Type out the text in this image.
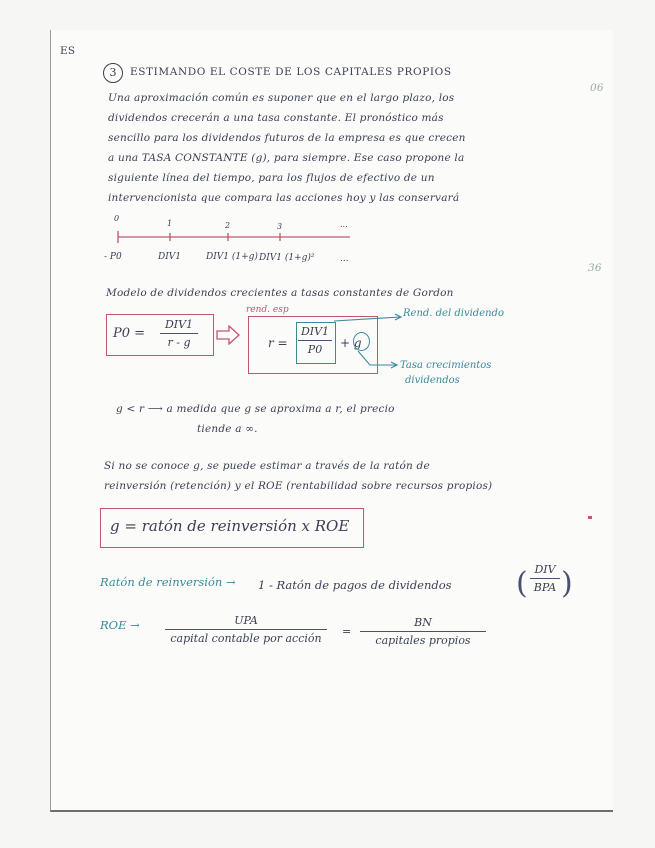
ES
06
36
3	ESTIMANDO EL COSTE DE LOS CAPITALES PROPIOS
Una aproximación común es suponer que en el largo plazo, los
dividendos crecerán a una tasa constante. El pronóstico más
sencillo para los dividendos futuros de la empresa es que crecen
a una TASA CONSTANTE (g), para siempre. Ese caso propone la
siguiente línea del tiempo, para los flujos de efectivo de un
intervencionista que compara las acciones hoy y las conservará
0
1	2	3	...
- P0	DIV1	DIV1 (1+g) DIV1 (1+g)²	...
Modelo de dividendos crecientes a tasas constantes de Gordon
P0 =
DIV1
r - g
rend. esp
r =
DIV1
P0 + g
Rend. del dividendo
Tasa crecimientos
dividendos
g < r ⟶ a medida que g se aproxima a r, el precio
tiende a ∞.
Si no se conoce g, se puede estimar a través de la ratón de
reinversión (retención) y el ROE (rentabilidad sobre recursos propios)
g = ratón de reinversión x ROE
Ratón de reinversión → 1 - Ratón de pagos de dividendos ( DIV
BPA )
ROE →	UPA
capital contable por acción
=
BN
capitales propios
